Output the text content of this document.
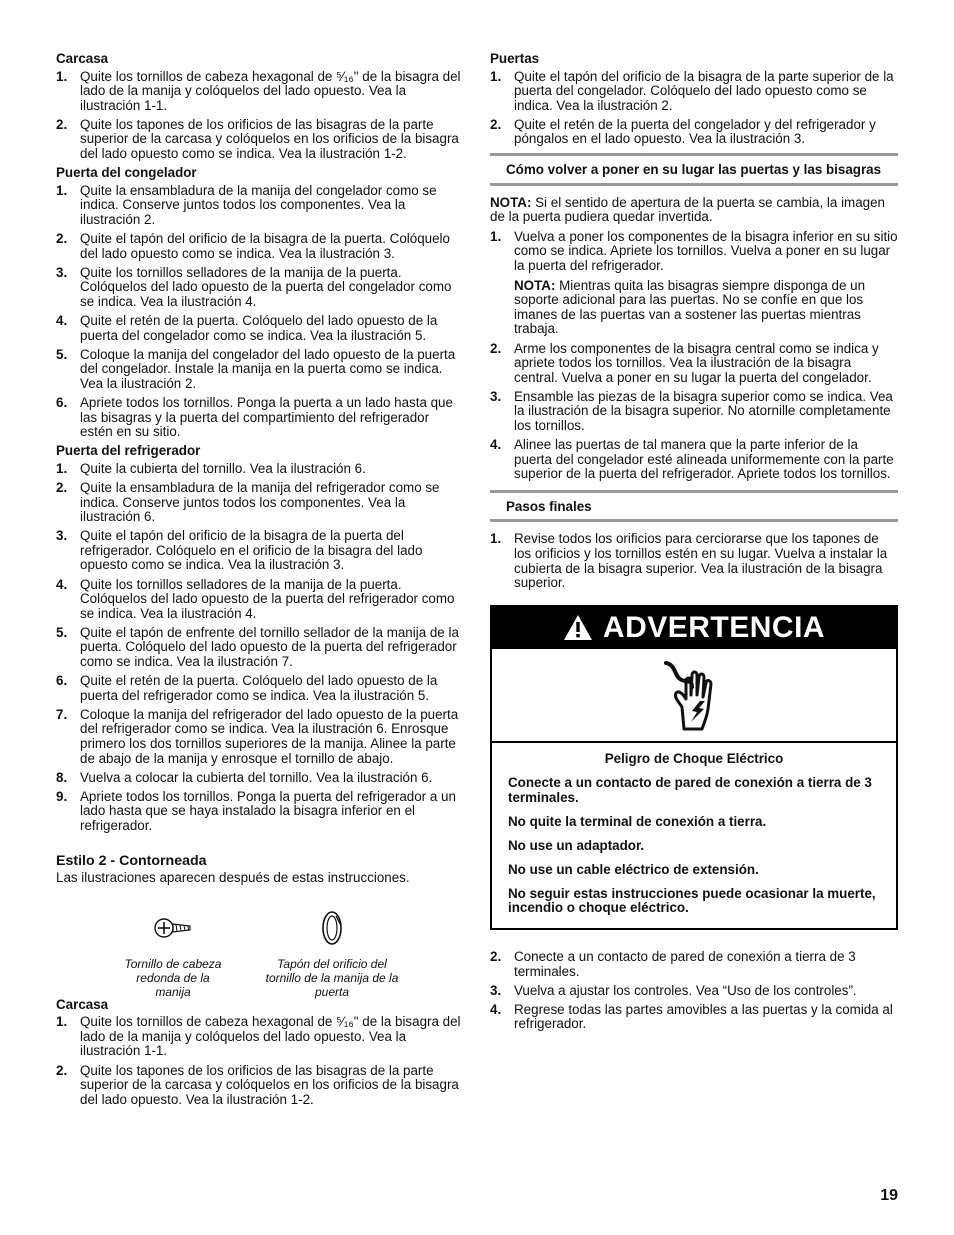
Carcasa
1. Quite los tornillos de cabeza hexagonal de ⁵⁄₁₆" de la bisagra del lado de la manija y colóquelos del lado opuesto. Vea la ilustración 1-1.
2. Quite los tapones de los orificios de las bisagras de la parte superior de la carcasa y colóquelos en los orificios de la bisagra del lado opuesto como se indica. Vea la ilustración 1-2.
Puerta del congelador
1. Quite la ensambladura de la manija del congelador como se indica. Conserve juntos todos los componentes. Vea la ilustración 2.
2. Quite el tapón del orificio de la bisagra de la puerta. Colóquelo del lado opuesto como se indica. Vea la ilustración 3.
3. Quite los tornillos selladores de la manija de la puerta. Colóquelos del lado opuesto de la puerta del congelador como se indica. Vea la ilustración 4.
4. Quite el retén de la puerta. Colóquelo del lado opuesto de la puerta del congelador como se indica. Vea la ilustración 5.
5. Coloque la manija del congelador del lado opuesto de la puerta del congelador. Instale la manija en la puerta como se indica. Vea la ilustración 2.
6. Apriete todos los tornillos. Ponga la puerta a un lado hasta que las bisagras y la puerta del compartimiento del refrigerador estén en su sitio.
Puerta del refrigerador
1. Quite la cubierta del tornillo. Vea la ilustración 6.
2. Quite la ensambladura de la manija del refrigerador como se indica. Conserve juntos todos los componentes. Vea la ilustración 6.
3. Quite el tapón del orificio de la bisagra de la puerta del refrigerador. Colóquelo en el orificio de la bisagra del lado opuesto como se indica. Vea la ilustración 3.
4. Quite los tornillos selladores de la manija de la puerta. Colóquelos del lado opuesto de la puerta del refrigerador como se indica. Vea la ilustración 4.
5. Quite el tapón de enfrente del tornillo sellador de la manija de la puerta. Colóquelo del lado opuesto de la puerta del refrigerador como se indica. Vea la ilustración 7.
6. Quite el retén de la puerta. Colóquelo del lado opuesto de la puerta del refrigerador como se indica. Vea la ilustración 5.
7. Coloque la manija del refrigerador del lado opuesto de la puerta del refrigerador como se indica. Vea la ilustración 6. Enrosque primero los dos tornillos superiores de la manija. Alinee la parte de abajo de la manija y enrosque el tornillo de abajo.
8. Vuelva a colocar la cubierta del tornillo. Vea la ilustración 6.
9. Apriete todos los tornillos. Ponga la puerta del refrigerador a un lado hasta que se haya instalado la bisagra inferior en el refrigerador.
Estilo 2 - Contorneada

Las ilustraciones aparecen después de estas instrucciones.

Tornillo de cabeza redonda de la manija
Tapón del orificio del tornillo de la manija de la puerta
Carcasa
1. Quite los tornillos de cabeza hexagonal de ⁵⁄₁₆" de la bisagra del lado de la manija y colóquelos del lado opuesto. Vea la ilustración 1-1.
2. Quite los tapones de los orificios de las bisagras de la parte superior de la carcasa y colóquelos en los orificios de la bisagra del lado opuesto. Vea la ilustración 1-2.
Puertas
1. Quite el tapón del orificio de la bisagra de la parte superior de la puerta del congelador. Colóquelo del lado opuesto como se indica. Vea la ilustración 2.
2. Quite el retén de la puerta del congelador y del refrigerador y póngalos en el lado opuesto. Vea la ilustración 3.
Cómo volver a poner en su lugar las puertas y las bisagras

NOTA: Si el sentido de apertura de la puerta se cambia, la imagen de la puerta pudiera quedar invertida.

1. Vuelva a poner los componentes de la bisagra inferior en su sitio como se indica. Apriete los tornillos. Vuelva a poner en su lugar la puerta del refrigerador.
NOTA: Mientras quita las bisagras siempre disponga de un soporte adicional para las puertas. No se confíe en que los imanes de las puertas van a sostener las puertas mientras trabaja.
2. Arme los componentes de la bisagra central como se indica y apriete todos los tornillos. Vea la ilustración de la bisagra central. Vuelva a poner en su lugar la puerta del congelador.
3. Ensamble las piezas de la bisagra superior como se indica. Vea la ilustración de la bisagra superior. No atornille completamente los tornillos.
4. Alinee las puertas de tal manera que la parte inferior de la puerta del congelador esté alineada uniformemente con la parte superior de la puerta del refrigerador. Apriete todos los tornillos.
Pasos finales
1. Revise todos los orificios para cerciorarse que los tapones de los orificios y los tornillos estén en su lugar. Vuelva a instalar la cubierta de la bisagra superior. Vea la ilustración de la bisagra superior.
ADVERTENCIA

Peligro de Choque Eléctrico

Conecte a un contacto de pared de conexión a tierra de 3 terminales.

No quite la terminal de conexión a tierra.

No use un adaptador.

No use un cable eléctrico de extensión.

No seguir estas instrucciones puede ocasionar la muerte, incendio o choque eléctrico.

2. Conecte a un contacto de pared de conexión a tierra de 3 terminales.
3. Vuelva a ajustar los controles. Vea “Uso de los controles”.
4. Regrese todas las partes amovibles a las puertas y la comida al refrigerador.
19
